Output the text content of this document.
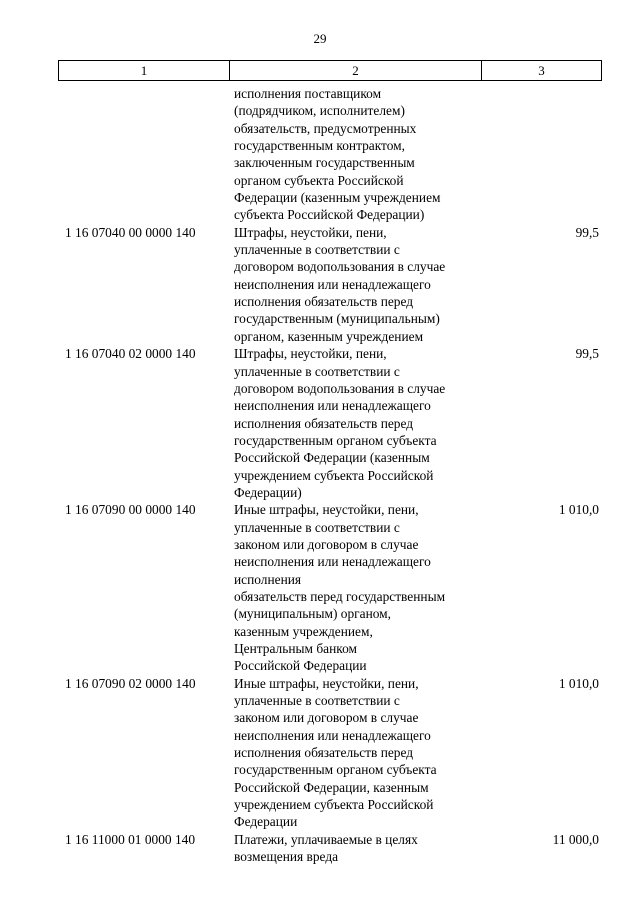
29
1	2	3
исполнения поставщиком
(подрядчиком, исполнителем)
обязательств, предусмотренных
государственным контрактом,
заключенным государственным
органом субъекта Российской
Федерации (казенным учреждением
субъекта Российской Федерации)
1 16 07040 00 0000 140	Штрафы, неустойки, пени,
уплаченные в соответствии с
договором водопользования в случае
неисполнения или ненадлежащего
исполнения обязательств перед
государственным (муниципальным)
органом, казенным учреждением
99,5
1 16 07040 02 0000 140	Штрафы, неустойки, пени,
уплаченные в соответствии с
договором водопользования в случае
неисполнения или ненадлежащего
исполнения обязательств перед
государственным органом субъекта
Российской Федерации (казенным
учреждением субъекта Российской
Федерации)
99,5
1 16 07090 00 0000 140	Иные штрафы, неустойки, пени,
уплаченные в соответствии с
законом или договором в случае
неисполнения или ненадлежащего
исполнения
обязательств перед государственным
(муниципальным) органом,
казенным учреждением,
Центральным банком
Российской Федерации
1 010,0
1 16 07090 02 0000 140	Иные штрафы, неустойки, пени,
уплаченные в соответствии с
законом или договором в случае
неисполнения или ненадлежащего
исполнения обязательств перед
государственным органом субъекта
Российской Федерации, казенным
учреждением субъекта Российской
Федерации
1 010,0
1 16 11000 01 0000 140	Платежи, уплачиваемые в целях
возмещения вреда
11 000,0
